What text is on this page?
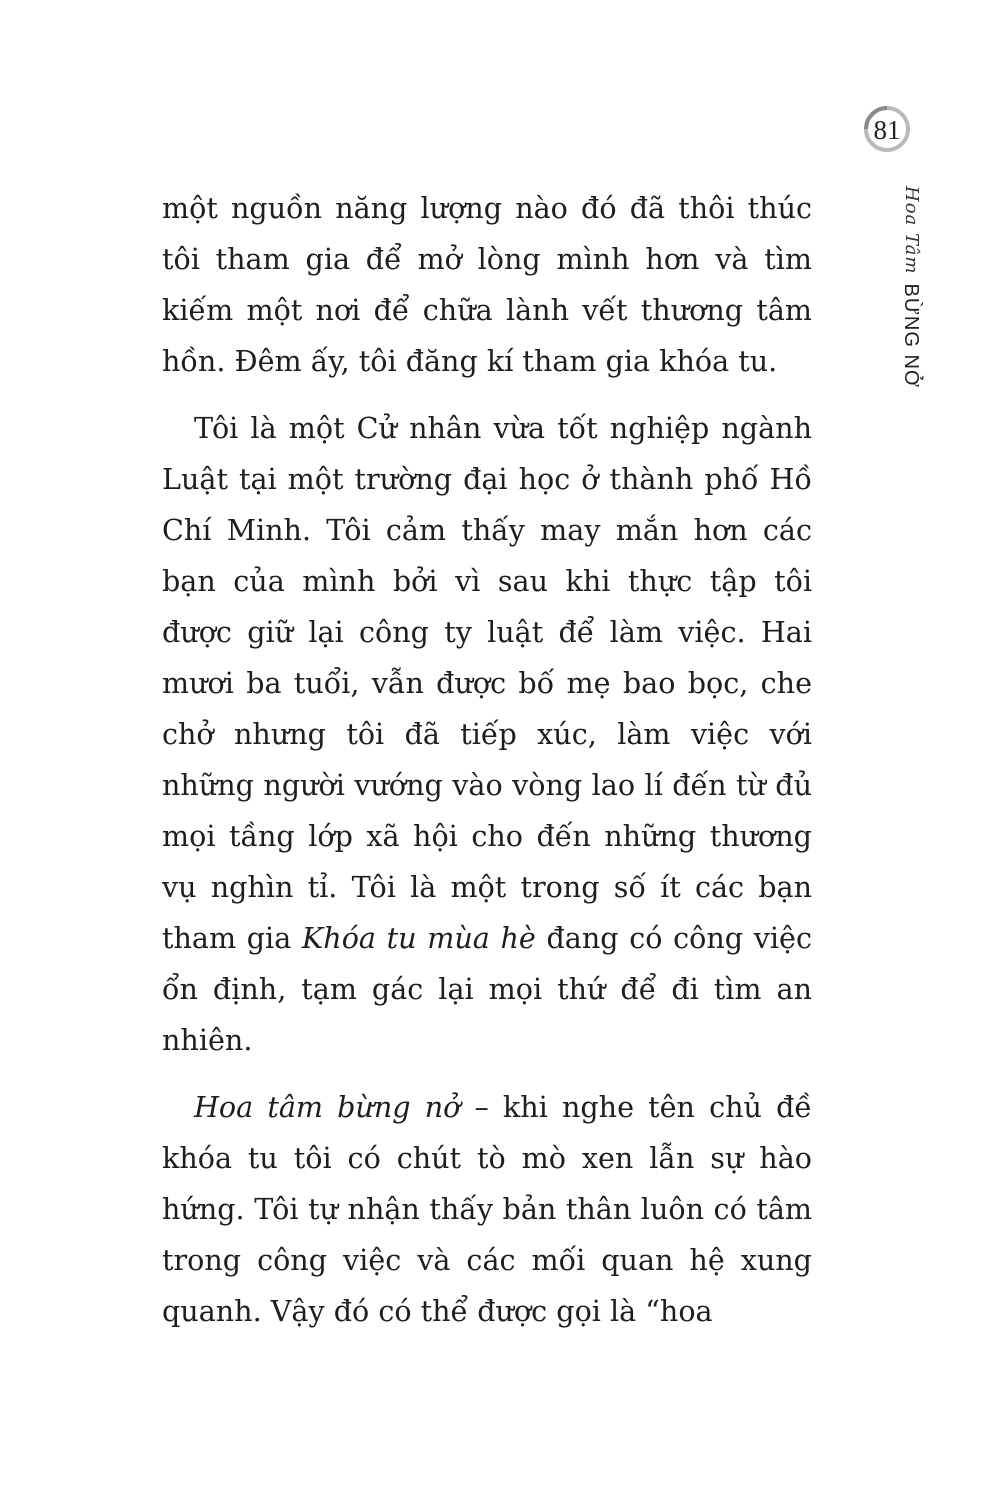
81
Hoa Tâm BỪNG NỞ

một nguồn năng lượng nào đó đã thôi thúc tôi tham gia để mở lòng mình hơn và tìm kiếm một nơi để chữa lành vết thương tâm hồn. Đêm ấy, tôi đăng kí tham gia khóa tu.

Tôi là một Cử nhân vừa tốt nghiệp ngành Luật tại một trường đại học ở thành phố Hồ Chí Minh. Tôi cảm thấy may mắn hơn các bạn của mình bởi vì sau khi thực tập tôi được giữ lại công ty luật để làm việc. Hai mươi ba tuổi, vẫn được bố mẹ bao bọc, che chở nhưng tôi đã tiếp xúc, làm việc với những người vướng vào vòng lao lí đến từ đủ mọi tầng lớp xã hội cho đến những thương vụ nghìn tỉ. Tôi là một trong số ít các bạn tham gia Khóa tu mùa hè đang có công việc ổn định, tạm gác lại mọi thứ để đi tìm an nhiên.

Hoa tâm bừng nở – khi nghe tên chủ đề khóa tu tôi có chút tò mò xen lẫn sự hào hứng. Tôi tự nhận thấy bản thân luôn có tâm trong công việc và các mối quan hệ xung quanh. Vậy đó có thể được gọi là “hoa
